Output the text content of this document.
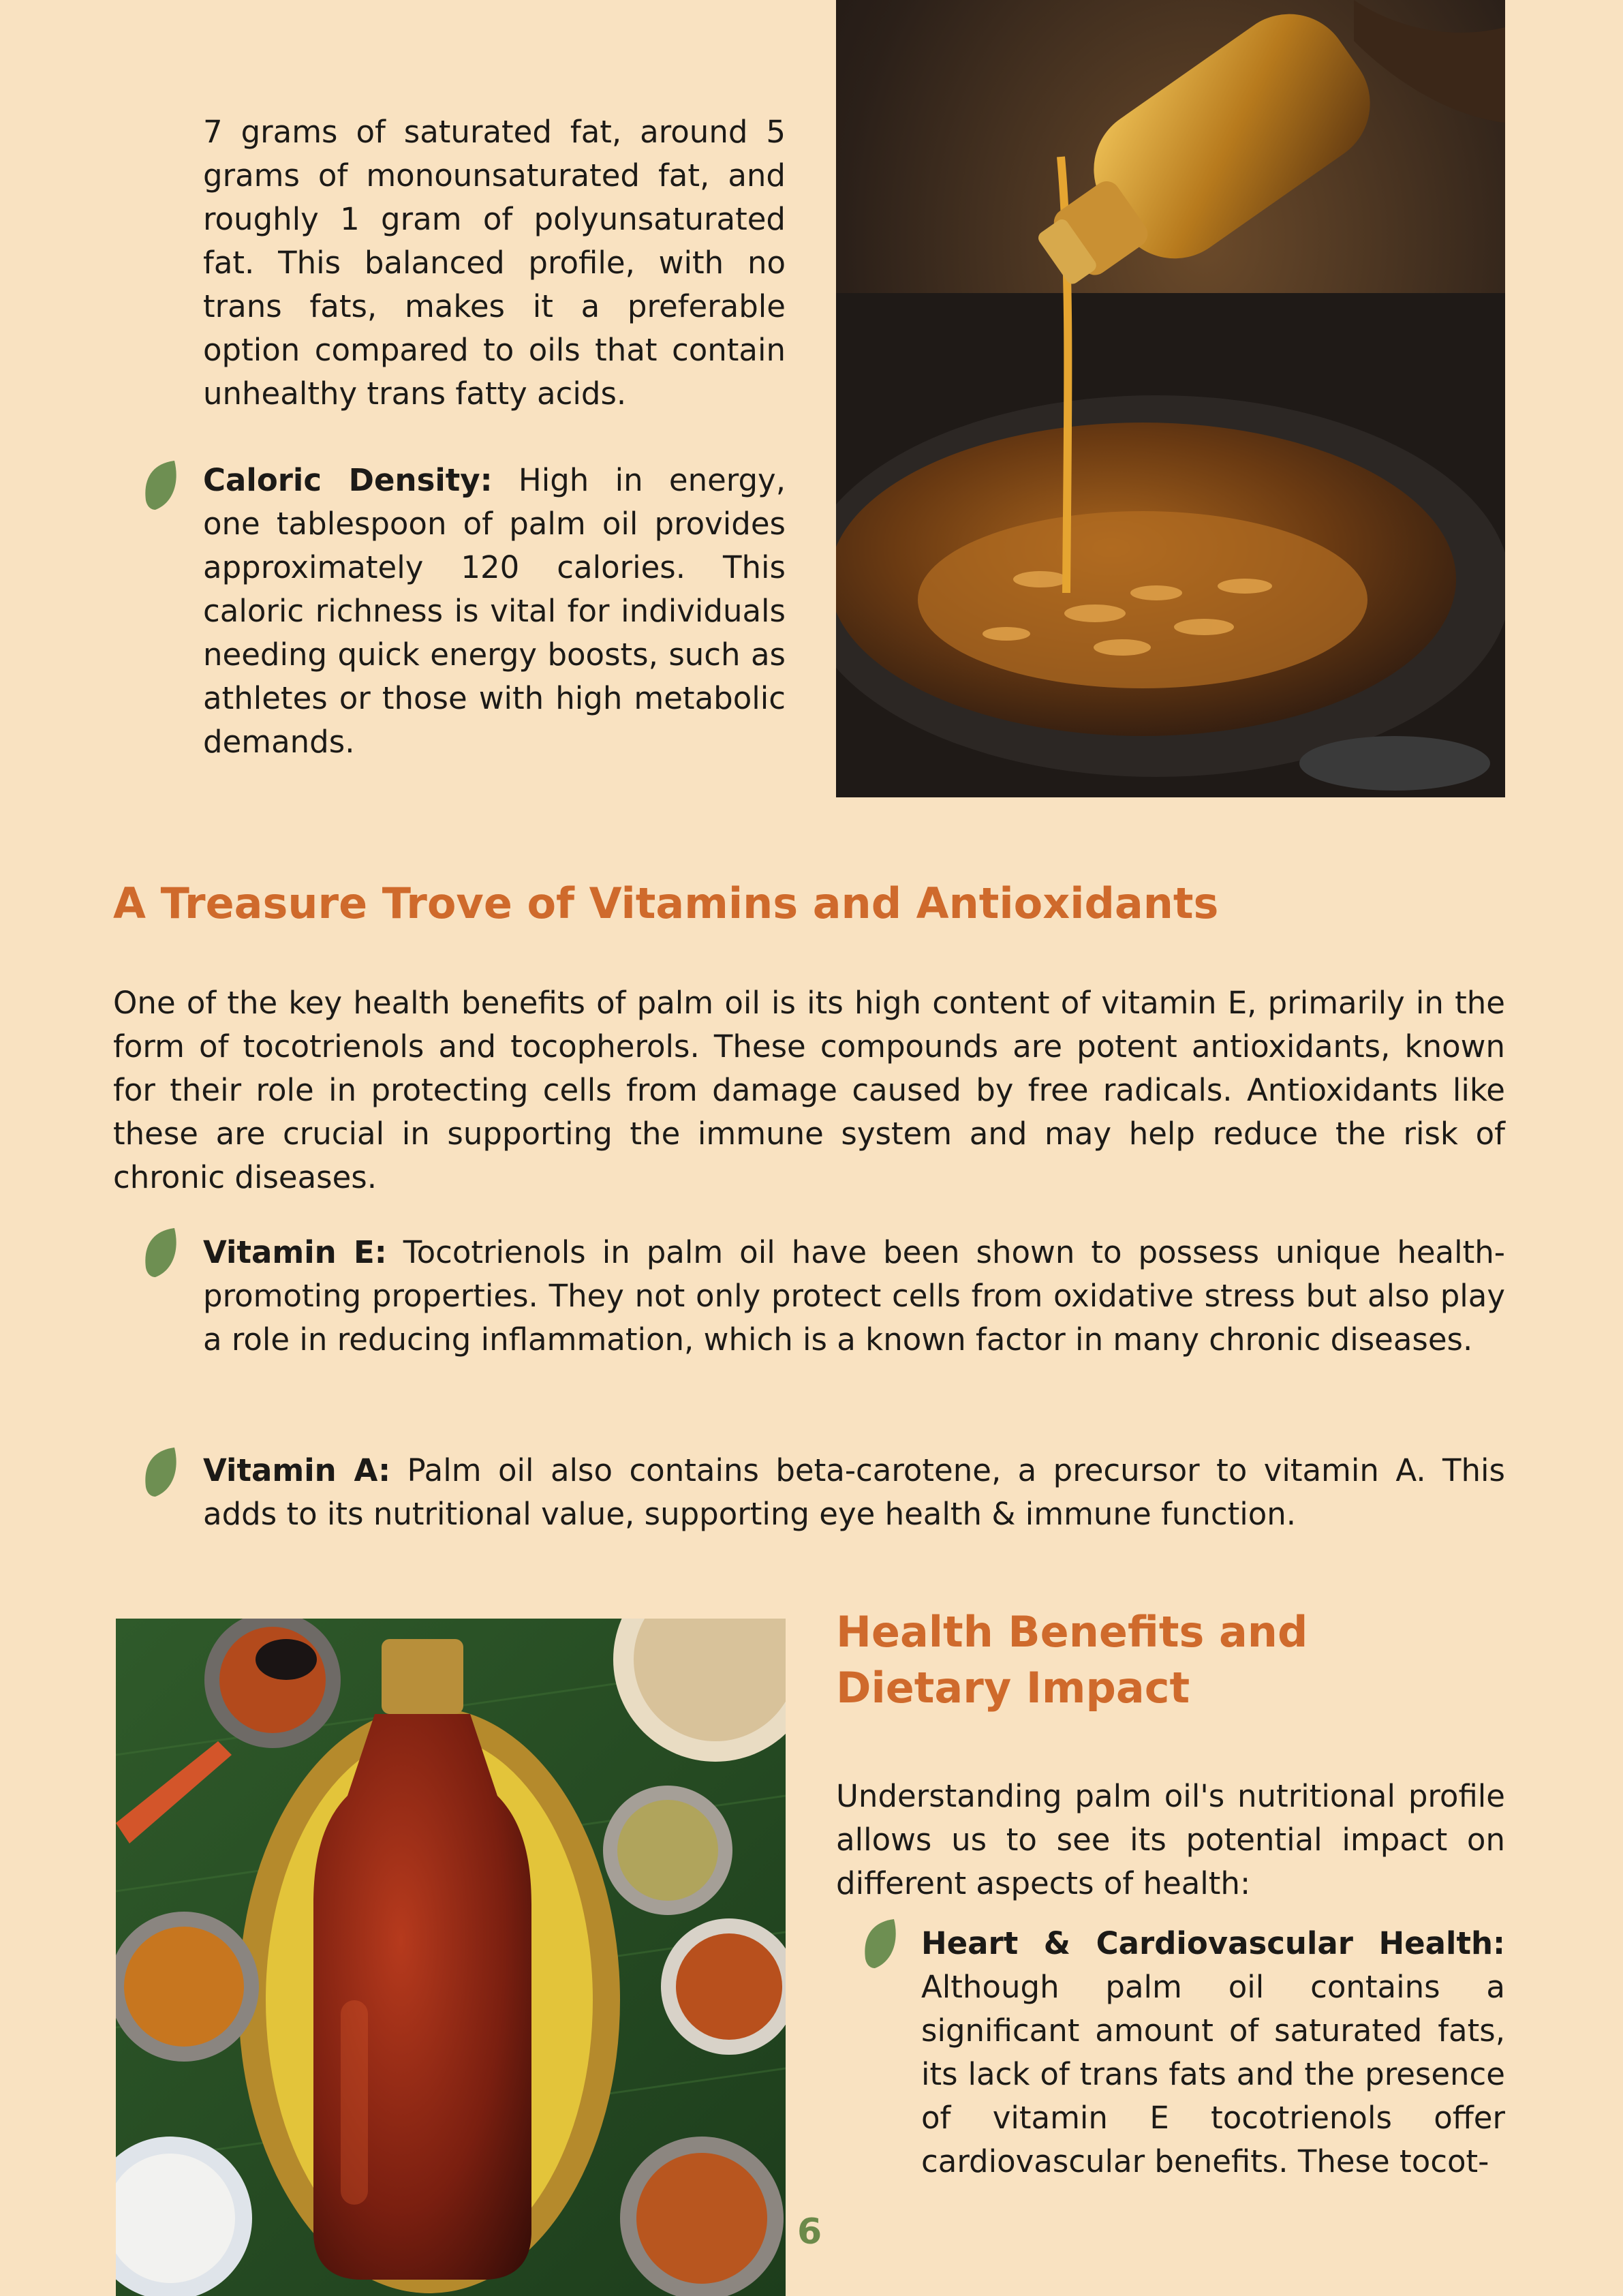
7 grams of saturated fat, around 5 grams of monounsaturated fat, and roughly 1 gram of polyunsaturated fat. This balanced profile, with no trans fats, makes it a preferable option compared to oils that contain unhealthy trans fatty acids.

Caloric Density: High in energy, one tablespoon of palm oil provides approximately 120 calories. This caloric richness is vital for individuals needing quick energy boosts, such as athletes or those with high metabolic demands.

A Treasure Trove of Vitamins and Antioxidants

One of the key health benefits of palm oil is its high content of vitamin E, primarily in the form of tocotrienols and tocopherols. These compounds are potent antioxidants, known for their role in protecting cells from damage caused by free radicals. Antioxidants like these are crucial in supporting the immune system and may help reduce the risk of chronic diseases.

Vitamin E: Tocotrienols in palm oil have been shown to possess unique health-promoting properties. They not only protect cells from oxidative stress but also play a role in reducing inflammation, which is a known factor in many chronic diseases.

Vitamin A: Palm oil also contains beta-carotene, a precursor to vitamin A. This adds to its nutritional value, supporting eye health & immune function.

Health Benefits and
Dietary Impact

Understanding palm oil's nutritional profile allows us to see its potential impact on different aspects of health:

Heart & Cardiovascular Health: Although palm oil contains a significant amount of saturated fats, its lack of trans fats and the presence of vitamin E tocotrienols offer cardiovascular benefits. These tocot-

6
